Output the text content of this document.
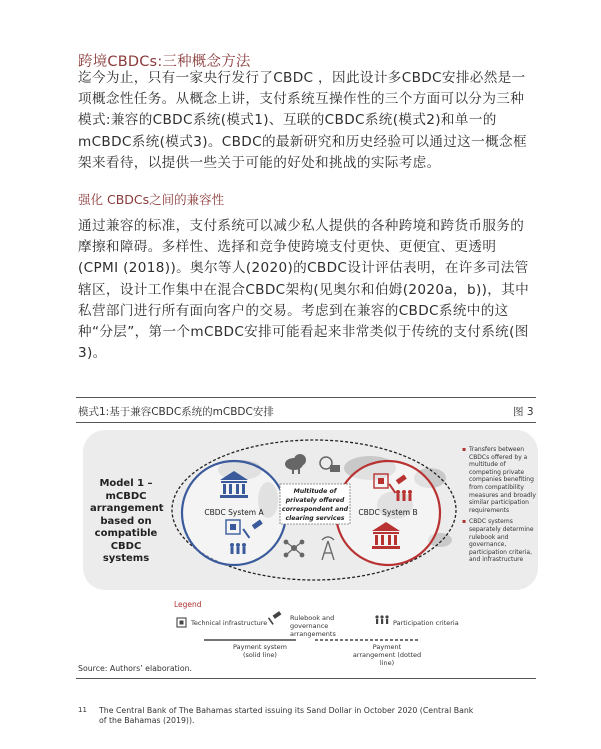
跨境CBDCs:三种概念方法
迄今为止，只有一家央行发行了CBDC ，因此设计多CBDC安排必然是一项概念性任务。从概念上讲，支付系统互操作性的三个方面可以分为三种模式:兼容的CBDC系统(模式1)、互联的CBDC系统(模式2)和单一的mCBDC系统(模式3)。CBDC的最新研究和历史经验可以通过这一概念框架来看待，以提供一些关于可能的好处和挑战的实际考虑。
强化 CBDCs之间的兼容性
通过兼容的标准，支付系统可以减少私人提供的各种跨境和跨货币服务的摩擦和障碍。多样性、选择和竞争使跨境支付更快、更便宜、更透明(CPMI (2018))。奥尔等人(2020)的CBDC设计评估表明，在许多司法管辖区，设计工作集中在混合CBDC架构(见奥尔和伯姆(2020a，b))，其中私营部门进行所有面向客户的交易。考虑到在兼容的CBDC系统中的这种“分层”，第一个mCBDC安排可能看起来非常类似于传统的支付系统(图3)。
模式1:基于兼容CBDC系统的mCBDC安排	图 3
Model 1 – mCBDC arrangement based on compatible CBDC systems
CBDC System A	CBDC System B
Multitude of
privately offered
correspondent and
clearing services
▪ Transfers between CBDCs offered by a multitude of competing private companies benefiting from compatibility measures and broadly similar participation requirements
▪ CBDC systems separately determine rulebook and governance, participation criteria, and infrastructure
Legend
Technical infrastructure
Rulebook and governance arrangements
Participation criteria
Payment system (solid line)
Payment arrangement (dotted line)
Source: Authors’ elaboration.
11 The Central Bank of The Bahamas started issuing its Sand Dollar in October 2020 (Central Bank of the Bahamas (2019)).
